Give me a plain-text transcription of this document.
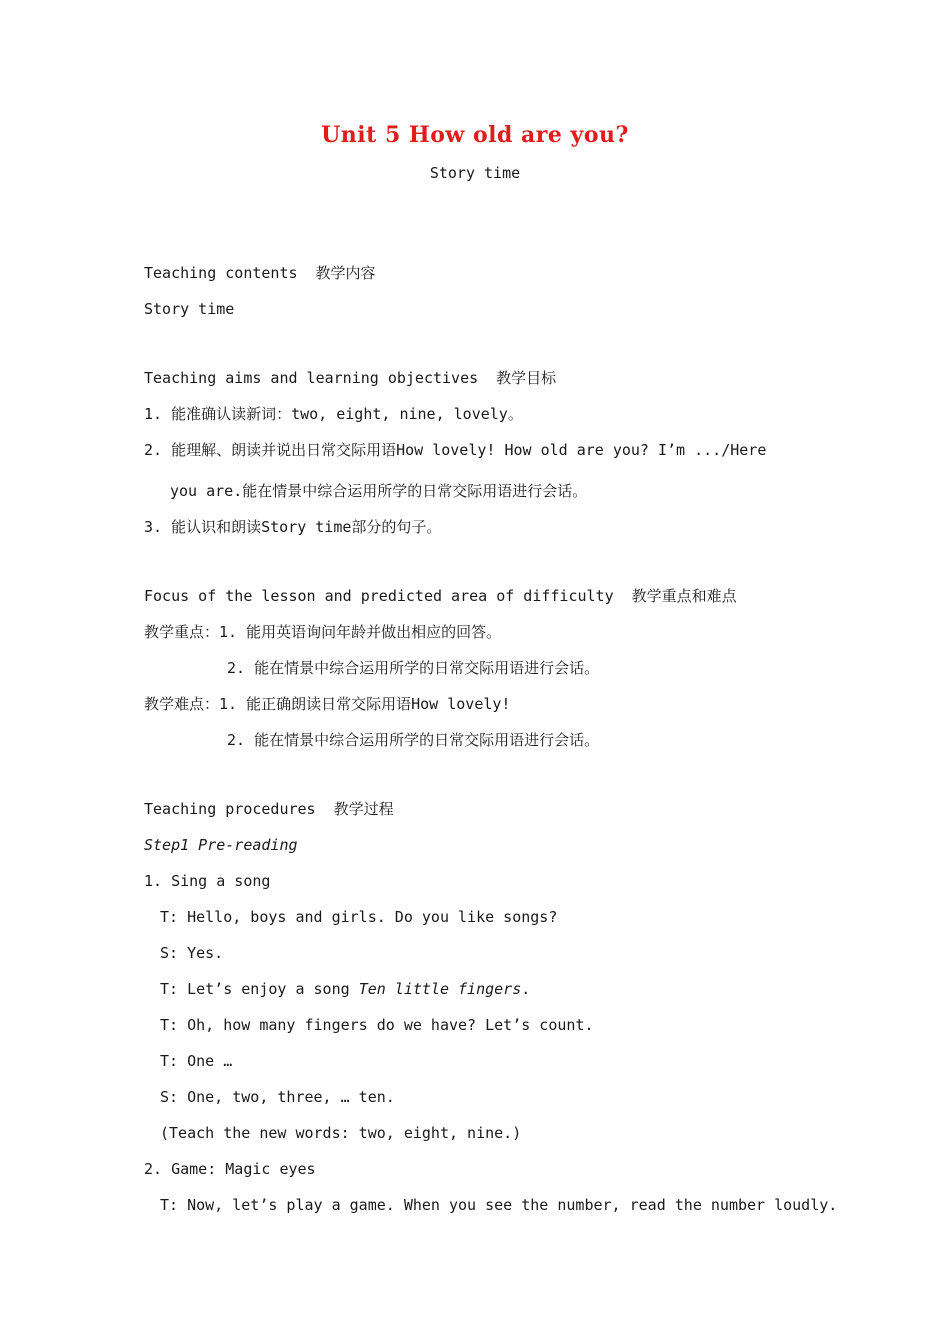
Unit 5 How old are you?
Story time
Teaching contents 教学内容
Story time
Teaching aims and learning objectives 教学目标
1. 能准确认读新词：two, eight, nine, lovely。
2. 能理解、朗读并说出日常交际用语How lovely! How old are you? I’m .../Here
you are.能在情景中综合运用所学的日常交际用语进行会话。
3. 能认识和朗读Story time部分的句子。
Focus of the lesson and predicted area of difficulty 教学重点和难点
教学重点：1. 能用英语询问年龄并做出相应的回答。
2. 能在情景中综合运用所学的日常交际用语进行会话。
教学难点：1. 能正确朗读日常交际用语How lovely!
2. 能在情景中综合运用所学的日常交际用语进行会话。
Teaching procedures 教学过程
Step1 Pre-reading
1. Sing a song
T: Hello, boys and girls. Do you like songs?
S: Yes.
T: Let’s enjoy a song Ten little fingers.
T: Oh, how many fingers do we have? Let’s count.
T: One …
S: One, two, three, … ten.
(Teach the new words: two, eight, nine.)
2. Game: Magic eyes
T: Now, let’s play a game. When you see the number, read the number loudly.
